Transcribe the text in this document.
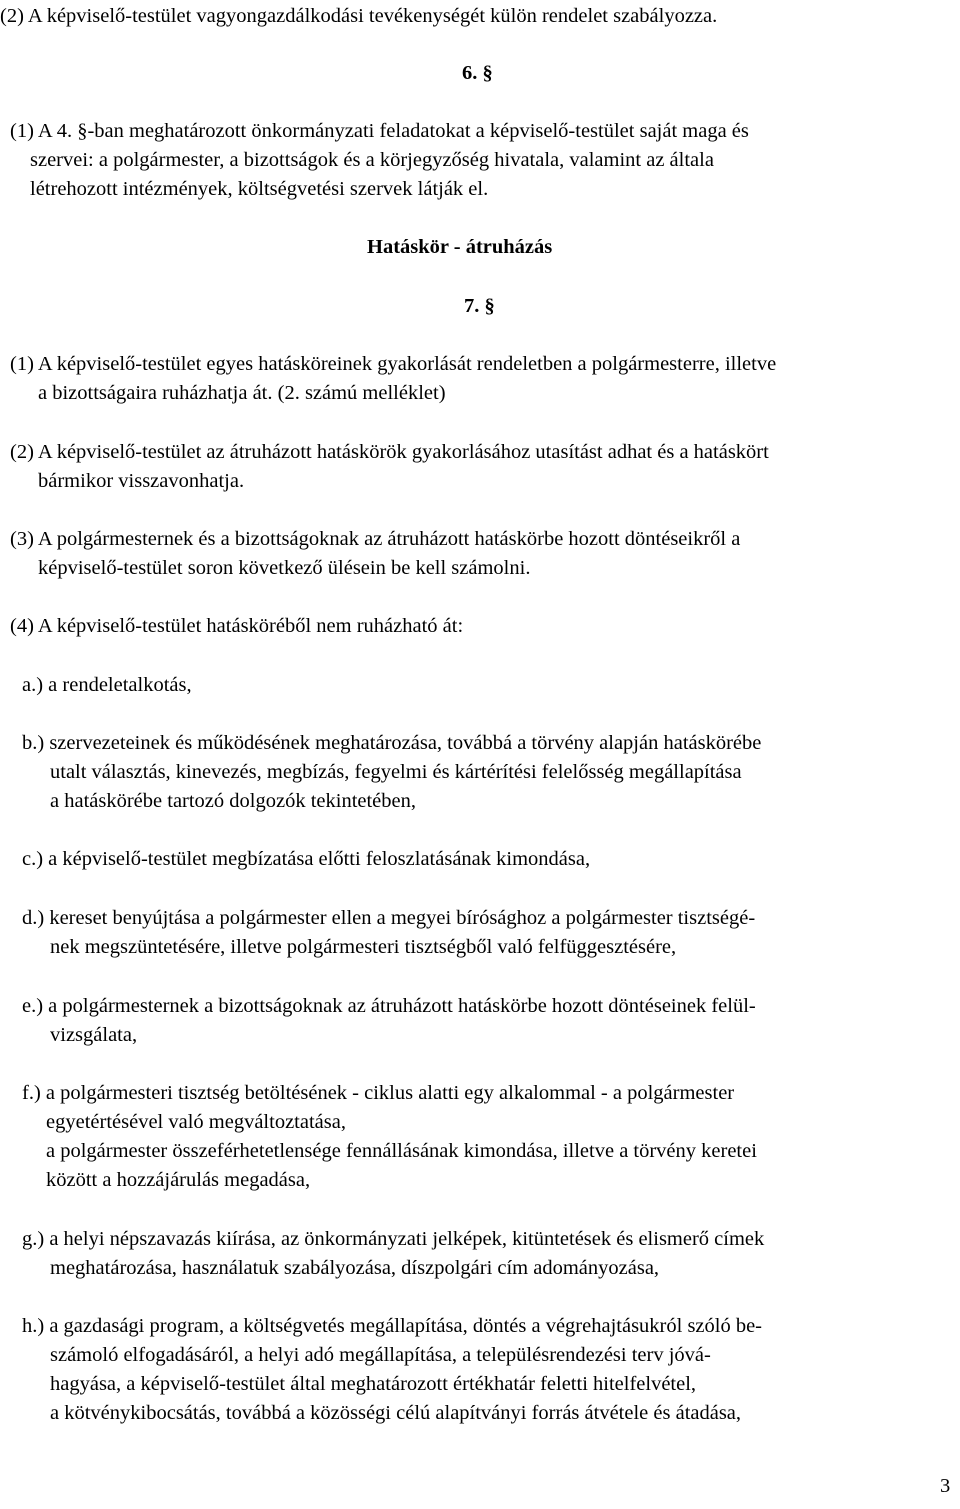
(2) A képviselő-testület vagyongazdálkodási tevékenységét külön rendelet szabályozza.
6. §
(1) A 4. §-ban meghatározott önkormányzati feladatokat a képviselő-testület saját maga és
szervei: a polgármester, a bizottságok és a körjegyzőség hivatala, valamint az általa
létrehozott intézmények, költségvetési szervek látják el.
Hatáskör - átruházás
7. §
(1) A képviselő-testület egyes hatásköreinek gyakorlását rendeletben a polgármesterre, illetve
a bizottságaira ruházhatja át. (2. számú melléklet)
(2) A képviselő-testület az átruházott hatáskörök gyakorlásához utasítást adhat és a hatáskört
bármikor visszavonhatja.
(3) A polgármesternek és a bizottságoknak az átruházott hatáskörbe hozott döntéseikről a
képviselő-testület soron következő ülésein be kell számolni.
(4) A képviselő-testület hatásköréből nem ruházható át:
a.) a rendeletalkotás,
b.) szervezeteinek és működésének meghatározása, továbbá a törvény alapján hatáskörébe
utalt választás, kinevezés, megbízás, fegyelmi és kártérítési felelősség megállapítása
a hatáskörébe tartozó dolgozók tekintetében,
c.) a képviselő-testület megbízatása előtti feloszlatásának kimondása,
d.) kereset benyújtása a polgármester ellen a megyei bírósághoz a polgármester tisztségé-
nek megszüntetésére, illetve polgármesteri tisztségből való felfüggesztésére,
e.) a polgármesternek a bizottságoknak az átruházott hatáskörbe hozott döntéseinek felül-
vizsgálata,
f.) a polgármesteri tisztség betöltésének - ciklus alatti egy alkalommal - a polgármester
egyetértésével való megváltoztatása,
a polgármester összeférhetetlensége fennállásának kimondása, illetve a törvény keretei
között a hozzájárulás megadása,
g.) a helyi népszavazás kiírása, az önkormányzati jelképek, kitüntetések és elismerő címek
meghatározása, használatuk szabályozása, díszpolgári cím adományozása,
h.) a gazdasági program, a költségvetés megállapítása, döntés a végrehajtásukról szóló be-
számoló elfogadásáról, a helyi adó megállapítása, a településrendezési terv jóvá-
hagyása, a képviselő-testület által meghatározott értékhatár feletti hitelfelvétel,
a kötvénykibocsátás, továbbá a közösségi célú alapítványi forrás átvétele és átadása,
3
